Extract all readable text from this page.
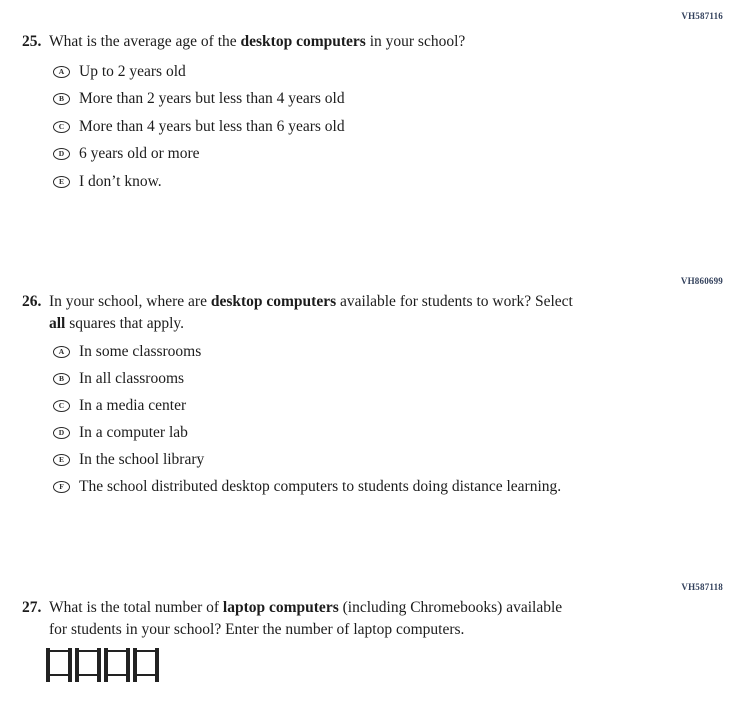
VH587116
25. What is the average age of the desktop computers in your school?
A Up to 2 years old
B More than 2 years but less than 4 years old
C More than 4 years but less than 6 years old
D 6 years old or more
E I don’t know.
VH860699
26. In your school, where are desktop computers available for students to work? Select
all squares that apply.
A In some classrooms
B In all classrooms
C In a media center
D In a computer lab
E In the school library
F The school distributed desktop computers to students doing distance learning.
VH587118
27. What is the total number of laptop computers (including Chromebooks) available
for students in your school? Enter the number of laptop computers.
